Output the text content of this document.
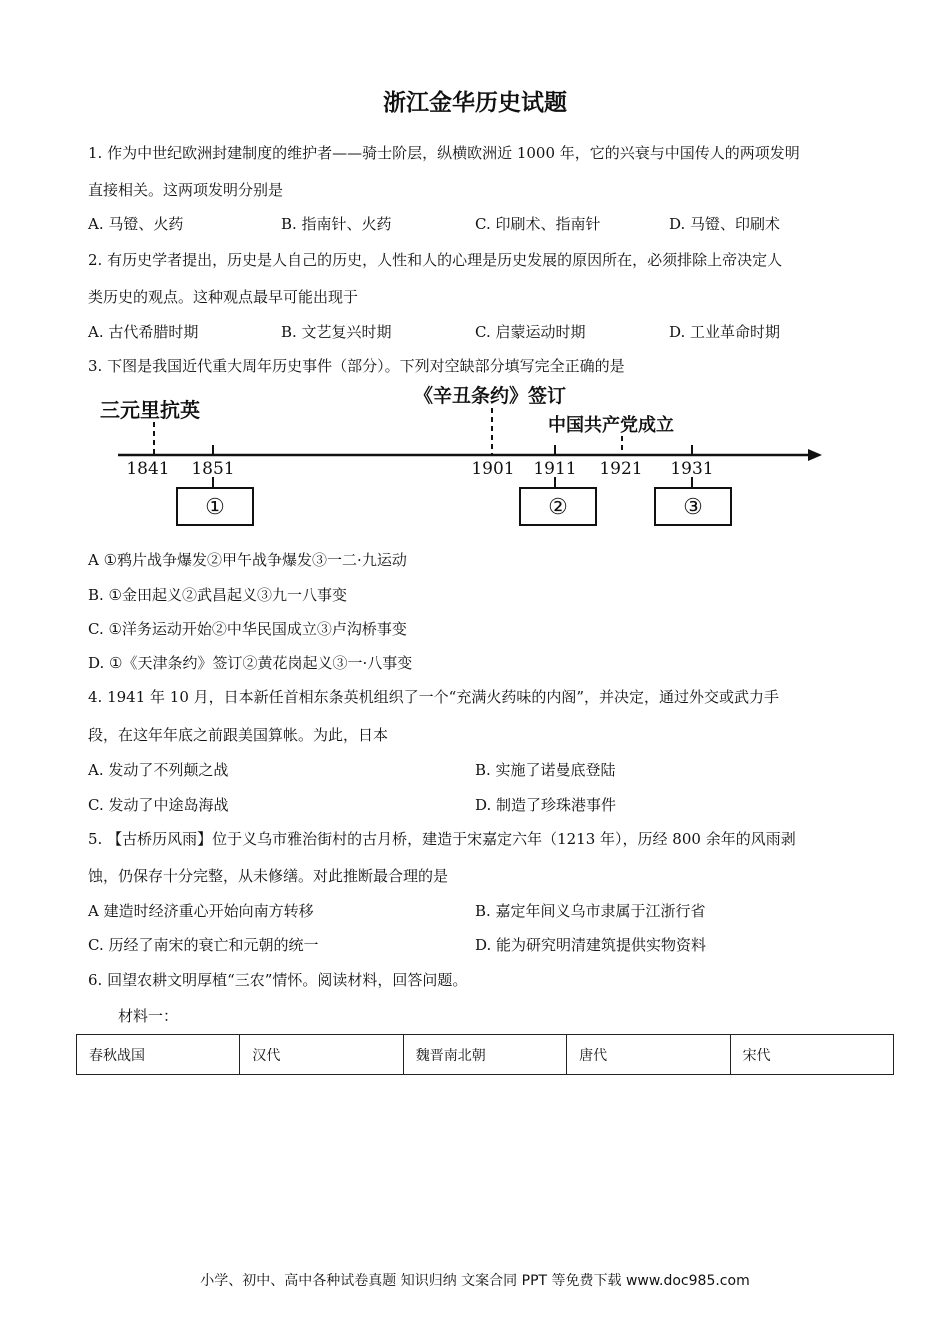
浙江金华历史试题
1. 作为中世纪欧洲封建制度的维护者——骑士阶层，纵横欧洲近 1000 年，它的兴衰与中国传人的两项发明
直接相关。这两项发明分别是
A. 马镫、火药	B. 指南针、火药	C. 印刷术、指南针	D. 马镫、印刷术
2. 有历史学者提出，历史是人自己的历史，人性和人的心理是历史发展的原因所在，必须排除上帝决定人
类历史的观点。这种观点最早可能出现于
A. 古代希腊时期	B. 文艺复兴时期	C. 启蒙运动时期	D. 工业革命时期
3. 下图是我国近代重大周年历史事件（部分）。下列对空缺部分填写完全正确的是
三元里抗英
《辛丑条约》签订
中国共产党成立
1841 1851	1901 1911 1921 1931
①	②	③
A ①鸦片战争爆发②甲午战争爆发③一二·九运动
B. ①金田起义②武昌起义③九一八事变
C. ①洋务运动开始②中华民国成立③卢沟桥事变
D. ①《天津条约》签订②黄花岗起义③一·八事变
4. 1941 年 10 月，日本新任首相东条英机组织了一个“充满火药味的内阁”，并决定，通过外交或武力手
段，在这年年底之前跟美国算帐。为此，日本
A. 发动了不列颠之战	B. 实施了诺曼底登陆
C. 发动了中途岛海战	D. 制造了珍珠港事件
5. 【古桥历风雨】位于义乌市雅治街村的古月桥，建造于宋嘉定六年（1213 年），历经 800 余年的风雨剥
蚀，仍保存十分完整，从未修缮。对此推断最合理的是
A 建造时经济重心开始向南方转移	B. 嘉定年间义乌市隶属于江浙行省
C. 历经了南宋的衰亡和元朝的统一	D. 能为研究明清建筑提供实物资料
6. 回望农耕文明厚植“三农”情怀。阅读材料，回答问题。
材料一：
春秋战国	汉代	魏晋南北朝	唐代	宋代
小学、初中、高中各种试卷真题 知识归纳 文案合同 PPT 等免费下载 www.doc985.com
